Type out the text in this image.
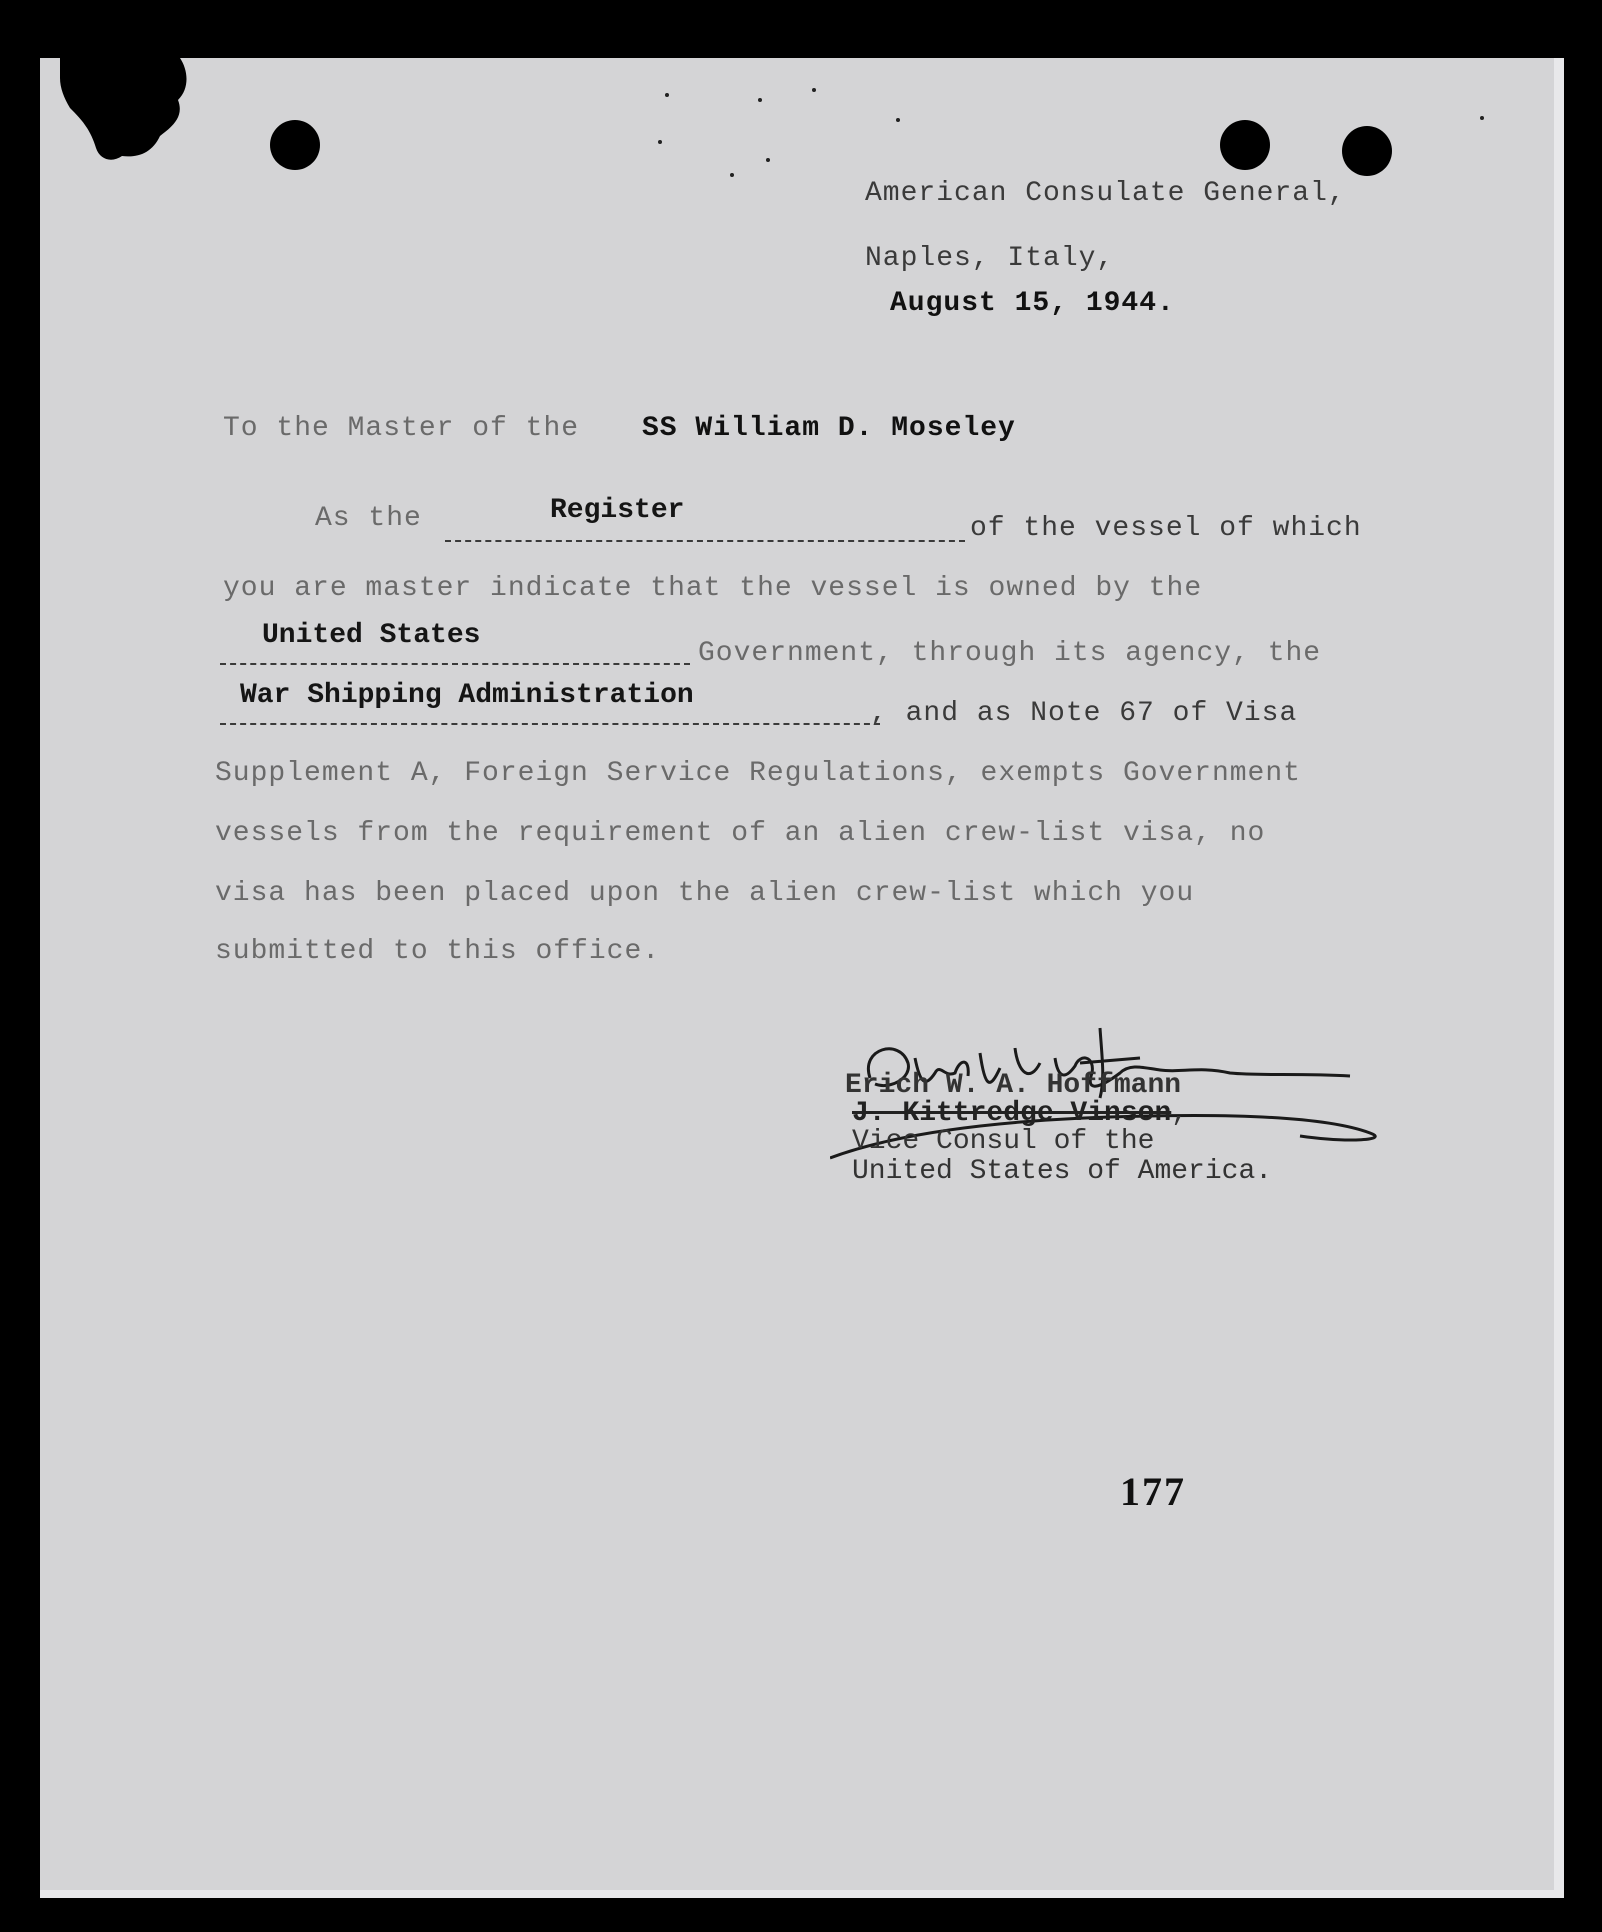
American Consulate General,
Naples, Italy,
August 15, 1944.
To the Master of the SS William D. Moseley
As the	Register
of the vessel of which
you are master indicate that the vessel is owned by the
United States
Government, through its agency, the
War Shipping Administration
, and as Note 67 of Visa
Supplement A, Foreign Service Regulations, exempts Government
vessels from the requirement of an alien crew-list visa, no
visa has been placed upon the alien crew-list which you
submitted to this office.
Erich W. A. Hoffmann
J. Kittredge Vinson,
Vice Consul of the
United States of America.
177
